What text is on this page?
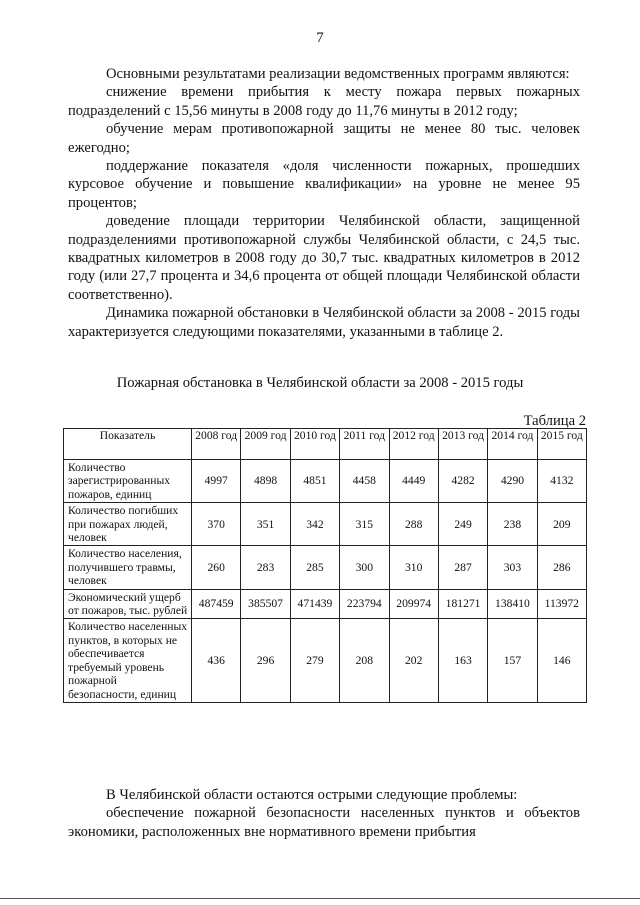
7

Основными результатами реализации ведомственных программ являются:

снижение времени прибытия к месту пожара первых пожарных подразделений с 15,56 минуты в 2008 году до 11,76 минуты в 2012 году;

обучение мерам противопожарной защиты не менее 80 тыс. человек ежегодно;

поддержание показателя «доля численности пожарных, прошедших курсовое обучение и повышение квалификации» на уровне не менее 95 процентов;

доведение площади территории Челябинской области, защищенной подразделениями противопожарной службы Челябинской области, с 24,5 тыс. квадратных километров в 2008 году до 30,7 тыс. квадратных километров в 2012 году (или 27,7 процента и 34,6 процента от общей площади Челябинской области соответственно).

Динамика пожарной обстановки в Челябинской области за 2008 - 2015 годы характеризуется следующими показателями, указанными в таблице 2.

Пожарная обстановка в Челябинской области за 2008 - 2015 годы
Таблица 2
Показатель	2008 год	2009 год	2010 год	2011 год	2012 год	2013 год	2014 год	2015 год
Количество зарегистрированных пожаров, единиц	4997	4898	4851	4458	4449	4282	4290	4132
Количество погибших при пожарах людей, человек	370	351	342	315	288	249	238	209
Количество населения, получившего травмы, человек	260	283	285	300	310	287	303	286
Экономический ущерб от пожаров, тыс. рублей	487459	385507	471439	223794	209974	181271	138410	113972
Количество населенных пунктов, в которых не обеспечивается требуемый уровень пожарной безопасности, единиц	436	296	279	208	202	163	157	146

В Челябинской области остаются острыми следующие проблемы:

обеспечение пожарной безопасности населенных пунктов и объектов экономики, расположенных вне нормативного времени прибытия
